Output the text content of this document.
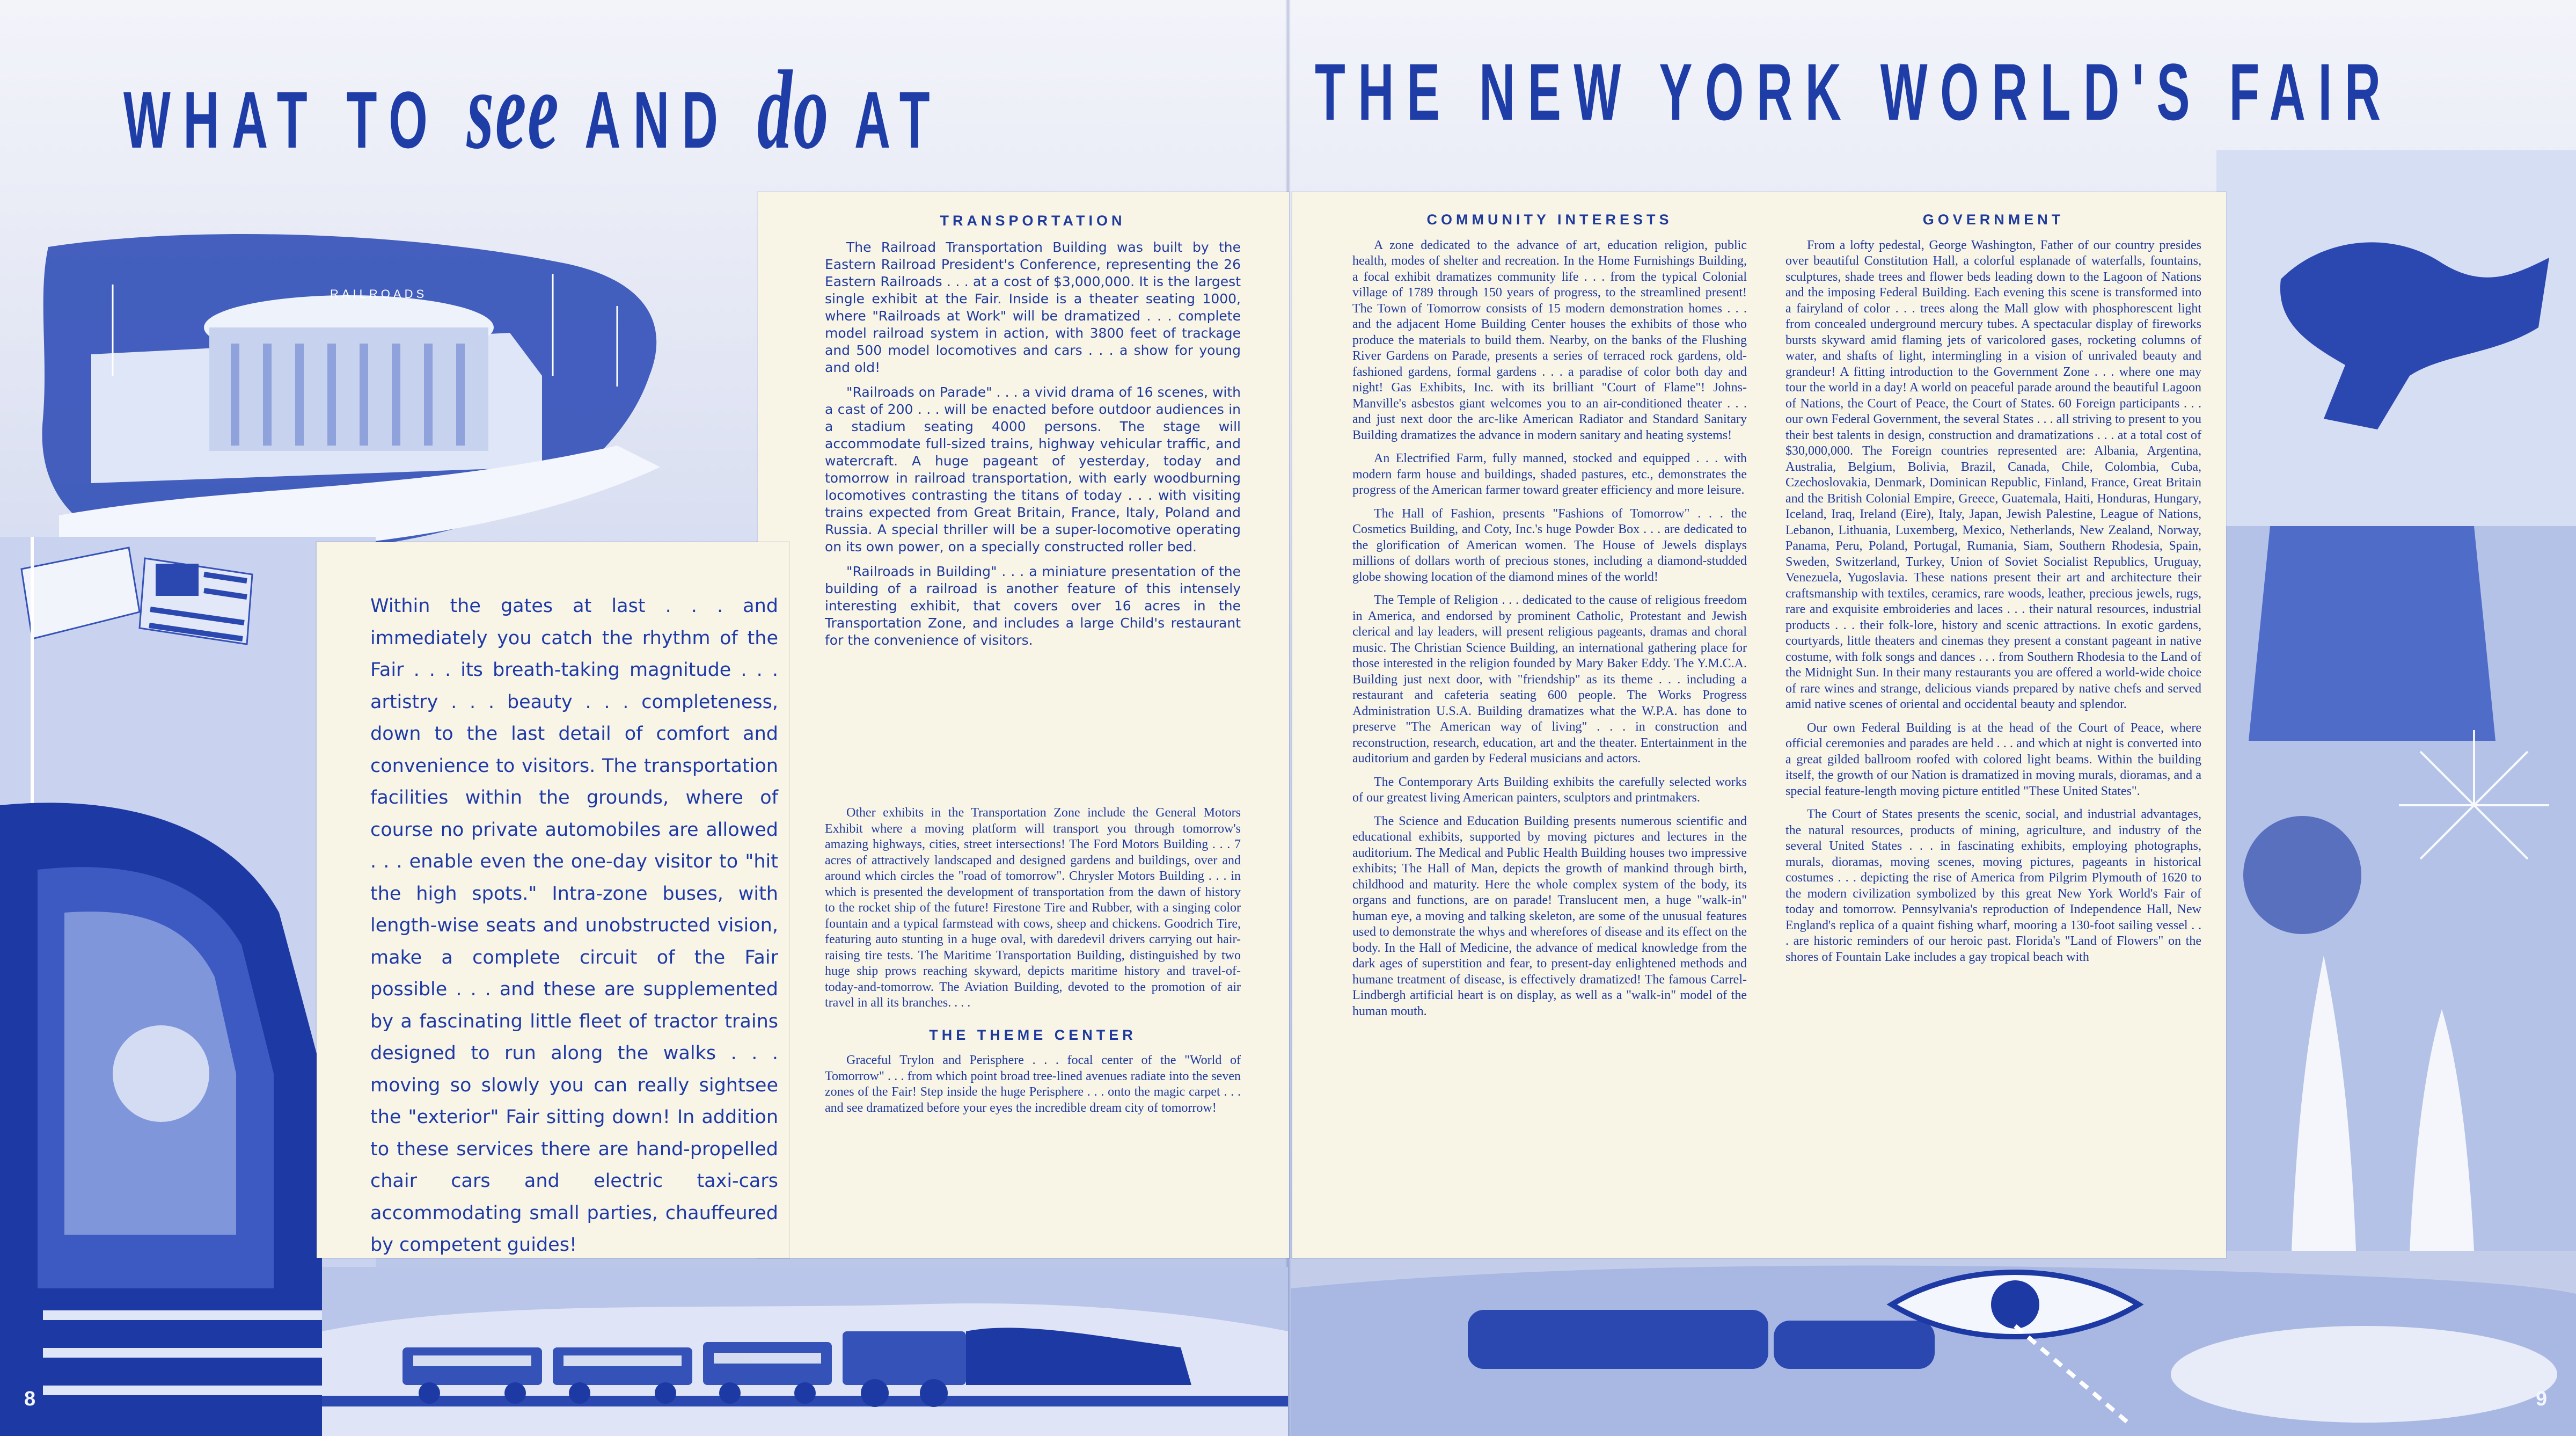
WHAT TO see AND do AT	THE NEW YORK WORLD'S FAIR
RAILROADS
Within the gates at last . . . and immediately you catch the rhythm of the Fair . . . its breath-taking magnitude . . . artistry . . . beauty . . . completeness, down to the last detail of comfort and convenience to visitors. The transportation facilities within the grounds, where of course no private automobiles are allowed . . . enable even the one-day visitor to "hit the high spots." Intra-zone buses, with length-wise seats and unobstructed vision, make a complete circuit of the Fair possible . . . and these are supplemented by a fascinating little fleet of tractor trains designed to run along the walks . . . moving so slowly you can really sightsee the "exterior" Fair sitting down! In addition to these services there are hand-propelled chair cars and electric taxi-cars accommodating small parties, chauffeured by competent guides!
TRANSPORTATION

The Railroad Transportation Building was built by the Eastern Railroad President's Conference, representing the 26 Eastern Railroads . . . at a cost of $3,000,000. It is the largest single exhibit at the Fair. Inside is a theater seating 1000, where "Railroads at Work" will be dramatized . . . complete model railroad system in action, with 3800 feet of trackage and 500 model locomotives and cars . . . a show for young and old!

"Railroads on Parade" . . . a vivid drama of 16 scenes, with a cast of 200 . . . will be enacted before outdoor audiences in a stadium seating 4000 persons. The stage will accommodate full-sized trains, highway vehicular traffic, and watercraft. A huge pageant of yesterday, today and tomorrow in railroad transportation, with early woodburning locomotives contrasting the titans of today . . . with visiting trains expected from Great Britain, France, Italy, Poland and Russia. A special thriller will be a super-locomotive operating on its own power, on a specially constructed roller bed.

"Railroads in Building" . . . a miniature presentation of the building of a railroad is another feature of this intensely interesting exhibit, that covers over 16 acres in the Transportation Zone, and includes a large Child's restaurant for the convenience of visitors.

Other exhibits in the Transportation Zone include the General Motors Exhibit where a moving platform will transport you through tomorrow's amazing highways, cities, street intersections! The Ford Motors Building . . . 7 acres of attractively landscaped and designed gardens and buildings, over and around which circles the "road of tomorrow". Chrysler Motors Building . . . in which is presented the development of transportation from the dawn of history to the rocket ship of the future! Firestone Tire and Rubber, with a singing color fountain and a typical farmstead with cows, sheep and chickens. Goodrich Tire, featuring auto stunting in a huge oval, with daredevil drivers carrying out hair-raising tire tests. The Maritime Transportation Building, distinguished by two huge ship prows reaching skyward, depicts maritime history and travel-of-today-and-tomorrow. The Aviation Building, devoted to the promotion of air travel in all its branches. . . .

THE THEME CENTER

Graceful Trylon and Perisphere . . . focal center of the "World of Tomorrow" . . . from which point broad tree-lined avenues radiate into the seven zones of the Fair! Step inside the huge Perisphere . . . onto the magic carpet . . . and see dramatized before your eyes the incredible dream city of tomorrow!

COMMUNITY INTERESTS

A zone dedicated to the advance of art, education religion, public health, modes of shelter and recreation. In the Home Furnishings Building, a focal exhibit dramatizes community life . . . from the typical Colonial village of 1789 through 150 years of progress, to the streamlined present! The Town of Tomorrow consists of 15 modern demonstration homes . . . and the adjacent Home Building Center houses the exhibits of those who produce the materials to build them. Nearby, on the banks of the Flushing River Gardens on Parade, presents a series of terraced rock gardens, old-fashioned gardens, formal gardens . . . a paradise of color both day and night! Gas Exhibits, Inc. with its brilliant "Court of Flame"! Johns-Manville's asbestos giant welcomes you to an air-conditioned theater . . . and just next door the arc-like American Radiator and Standard Sanitary Building dramatizes the advance in modern sanitary and heating systems!

An Electrified Farm, fully manned, stocked and equipped . . . with modern farm house and buildings, shaded pastures, etc., demonstrates the progress of the American farmer toward greater efficiency and more leisure.

The Hall of Fashion, presents "Fashions of Tomorrow" . . . the Cosmetics Building, and Coty, Inc.'s huge Powder Box . . . are dedicated to the glorification of American women. The House of Jewels displays millions of dollars worth of precious stones, including a diamond-studded globe showing location of the diamond mines of the world!

The Temple of Religion . . . dedicated to the cause of religious freedom in America, and endorsed by prominent Catholic, Protestant and Jewish clerical and lay leaders, will present religious pageants, dramas and choral music. The Christian Science Building, an international gathering place for those interested in the religion founded by Mary Baker Eddy. The Y.M.C.A. Building just next door, with "friendship" as its theme . . . including a restaurant and cafeteria seating 600 people. The Works Progress Administration U.S.A. Building dramatizes what the W.P.A. has done to preserve "The American way of living" . . . in construction and reconstruction, research, education, art and the theater. Entertainment in the auditorium and garden by Federal musicians and actors.

The Contemporary Arts Building exhibits the carefully selected works of our greatest living American painters, sculptors and printmakers.

The Science and Education Building presents numerous scientific and educational exhibits, supported by moving pictures and lectures in the auditorium. The Medical and Public Health Building houses two impressive exhibits; The Hall of Man, depicts the growth of mankind through birth, childhood and maturity. Here the whole complex system of the body, its organs and functions, are on parade! Translucent men, a huge "walk-in" human eye, a moving and talking skeleton, are some of the unusual features used to demonstrate the whys and wherefores of disease and its effect on the body. In the Hall of Medicine, the advance of medical knowledge from the dark ages of superstition and fear, to present-day enlightened methods and humane treatment of disease, is effectively dramatized! The famous Carrel-Lindbergh artificial heart is on display, as well as a "walk-in" model of the human mouth.

GOVERNMENT

From a lofty pedestal, George Washington, Father of our country presides over beautiful Constitution Hall, a colorful esplanade of waterfalls, fountains, sculptures, shade trees and flower beds leading down to the Lagoon of Nations and the imposing Federal Building. Each evening this scene is transformed into a fairyland of color . . . trees along the Mall glow with phosphorescent light from concealed underground mercury tubes. A spectacular display of fireworks bursts skyward amid flaming jets of varicolored gases, rocketing columns of water, and shafts of light, intermingling in a vision of unrivaled beauty and grandeur! A fitting introduction to the Government Zone . . . where one may tour the world in a day! A world on peaceful parade around the beautiful Lagoon of Nations, the Court of Peace, the Court of States. 60 Foreign participants . . . our own Federal Government, the several States . . . all striving to present to you their best talents in design, construction and dramatizations . . . at a total cost of $30,000,000. The Foreign countries represented are: Albania, Argentina, Australia, Belgium, Bolivia, Brazil, Canada, Chile, Colombia, Cuba, Czechoslovakia, Denmark, Dominican Republic, Finland, France, Great Britain and the British Colonial Empire, Greece, Guatemala, Haiti, Honduras, Hungary, Iceland, Iraq, Ireland (Eire), Italy, Japan, Jewish Palestine, League of Nations, Lebanon, Lithuania, Luxemberg, Mexico, Netherlands, New Zealand, Norway, Panama, Peru, Poland, Portugal, Rumania, Siam, Southern Rhodesia, Spain, Sweden, Switzerland, Turkey, Union of Soviet Socialist Republics, Uruguay, Venezuela, Yugoslavia. These nations present their art and architecture their craftsmanship with textiles, ceramics, rare woods, leather, precious jewels, rugs, rare and exquisite embroideries and laces . . . their natural resources, industrial products . . . their folk-lore, history and scenic attractions. In exotic gardens, courtyards, little theaters and cinemas they present a constant pageant in native costume, with folk songs and dances . . . from Southern Rhodesia to the Land of the Midnight Sun. In their many restaurants you are offered a world-wide choice of rare wines and strange, delicious viands prepared by native chefs and served amid native scenes of oriental and occidental beauty and splendor.

Our own Federal Building is at the head of the Court of Peace, where official ceremonies and parades are held . . . and which at night is converted into a great gilded ballroom roofed with colored light beams. Within the building itself, the growth of our Nation is dramatized in moving murals, dioramas, and a special feature-length moving picture entitled "These United States".

The Court of States presents the scenic, social, and industrial advantages, the natural resources, products of mining, agriculture, and industry of the several United States . . . in fascinating exhibits, employing photographs, murals, dioramas, moving scenes, moving pictures, pageants in historical costumes . . . depicting the rise of America from Pilgrim Plymouth of 1620 to the modern civilization symbolized by this great New York World's Fair of today and tomorrow. Pennsylvania's reproduction of Independence Hall, New England's replica of a quaint fishing wharf, mooring a 130-foot sailing vessel . . . are historic reminders of our heroic past. Florida's "Land of Flowers" on the shores of Fountain Lake includes a gay tropical beach with

8	9
